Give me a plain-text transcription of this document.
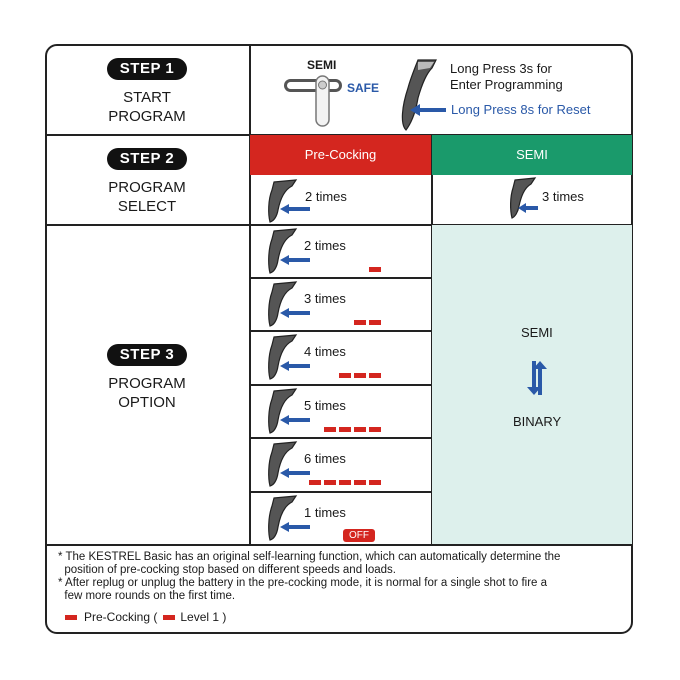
STEP 1
START
PROGRAM
SEMI
SAFE
Long Press 3s for
Enter Programming
Long Press 8s for Reset
STEP 2
PROGRAM
SELECT
Pre-Cocking	SEMI
2 times	3 times
STEP 3
PROGRAM
OPTION
SEMI
BINARY
2 times
3 times
4 times
5 times
6 times
1 times
OFF
* The KESTREL Basic has an original self-learning function, which can automatically determine the
position of pre-cocking stop based on different speeds and loads.
* After replug or unplug the battery in the pre-cocking mode, it is normal for a single shot to fire a
few more rounds on the first time.
Pre-Cocking ( Level 1 )
